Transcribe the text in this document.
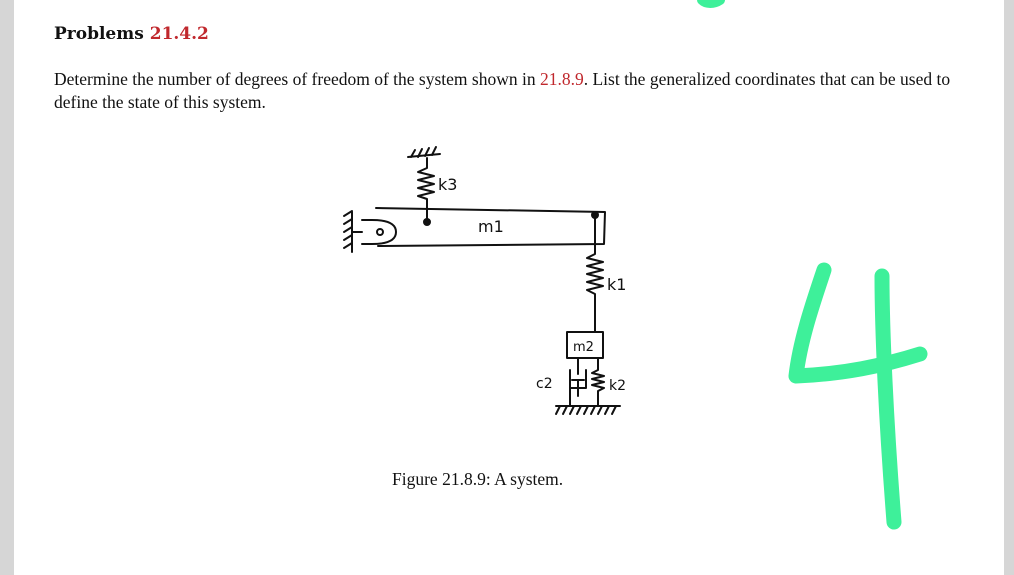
Problems 21.4.2
Determine the number of degrees of freedom of the system shown in 21.8.9. List the generalized coordinates that can be used to define the state of this system.
k3
m1
k1
m2
c2	k2
Figure 21.8.9: A system.
